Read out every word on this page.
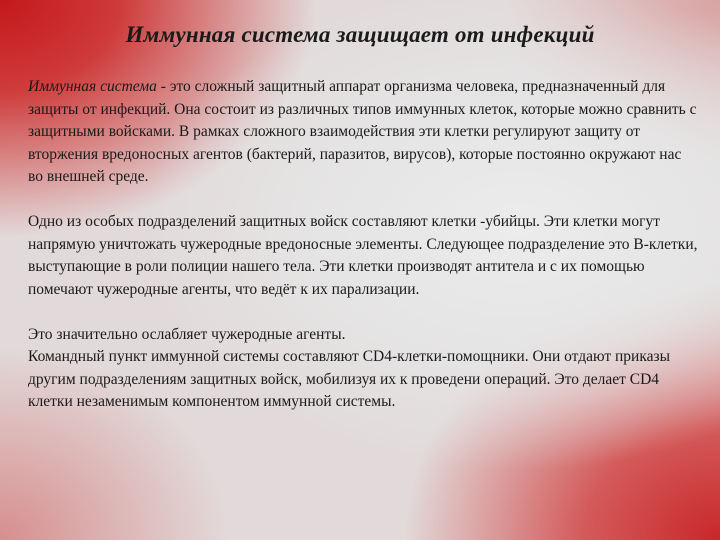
Иммунная система защищает от инфекций

Иммунная система - это сложный защитный аппарат организма человека, предназначенный для защиты от инфекций. Она состоит из различных типов иммунных клеток, которые можно сравнить с защитными войсками. В рамках сложного взаимодействия эти клетки регулируют защиту от вторжения вредоносных агентов (бактерий, паразитов, вирусов), которые постоянно окружают нас во внешней среде.

Одно из особых подразделений защитных войск составляют клетки -убийцы. Эти клетки могут напрямую уничтожать чужеродные вредоносные элементы. Следующее подразделение это В-клетки, выступающие в роли полиции нашего тела. Эти клетки производят антитела и с их помощью помечают чужеродные агенты, что ведёт к их парализации.

Это значительно ослабляет чужеродные агенты.

Командный пункт иммунной системы составляют CD4-клетки-помощники. Они отдают приказы другим подразделениям защитных войск, мобилизуя их к проведени операций. Это делает CD4 клетки незаменимым компонентом иммунной системы.
